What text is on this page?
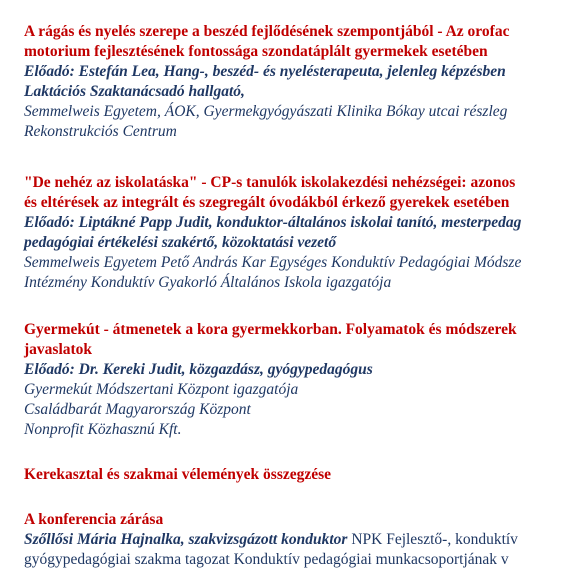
A rágás és nyelés szerepe a beszéd fejlődésének szempontjából - Az orofac
motorium fejlesztésének fontossága szondatáplált gyermekek esetében
Előadó: Estefán Lea, Hang-, beszéd- és nyelésterapeuta, jelenleg képzésben
Laktációs Szaktanácsadó hallgató,
Semmelweis Egyetem, ÁOK, Gyermekgyógyászati Klinika Bókay utcai részleg
Rekonstrukciós Centrum
"De nehéz az iskolatáska" - CP-s tanulók iskolakezdési nehézségei: azonos
és eltérések az integrált és szegregált óvodákból érkező gyerekek esetében
Előadó: Liptákné Papp Judit, konduktor-általános iskolai tanító, mesterpedag
pedagógiai értékelési szakértő, közoktatási vezető
Semmelweis Egyetem Pető András Kar Egységes Konduktív Pedagógiai Módsze
Intézmény Konduktív Gyakorló Általános Iskola igazgatója
Gyermekút - átmenetek a kora gyermekkorban. Folyamatok és módszerek
javaslatok
Előadó: Dr. Kereki Judit, közgazdász, gyógypedagógus
Gyermekút Módszertani Központ igazgatója
Családbarát Magyarország Központ
Nonprofit Közhasznú Kft.
Kerekasztal és szakmai vélemények összegzése
A konferencia zárása
Szőllősi Mária Hajnalka, szakvizsgázott konduktor NPK Fejlesztő-, konduktív
gyógypedagógiai szakma tagozat Konduktív pedagógiai munkacsoportjának v
